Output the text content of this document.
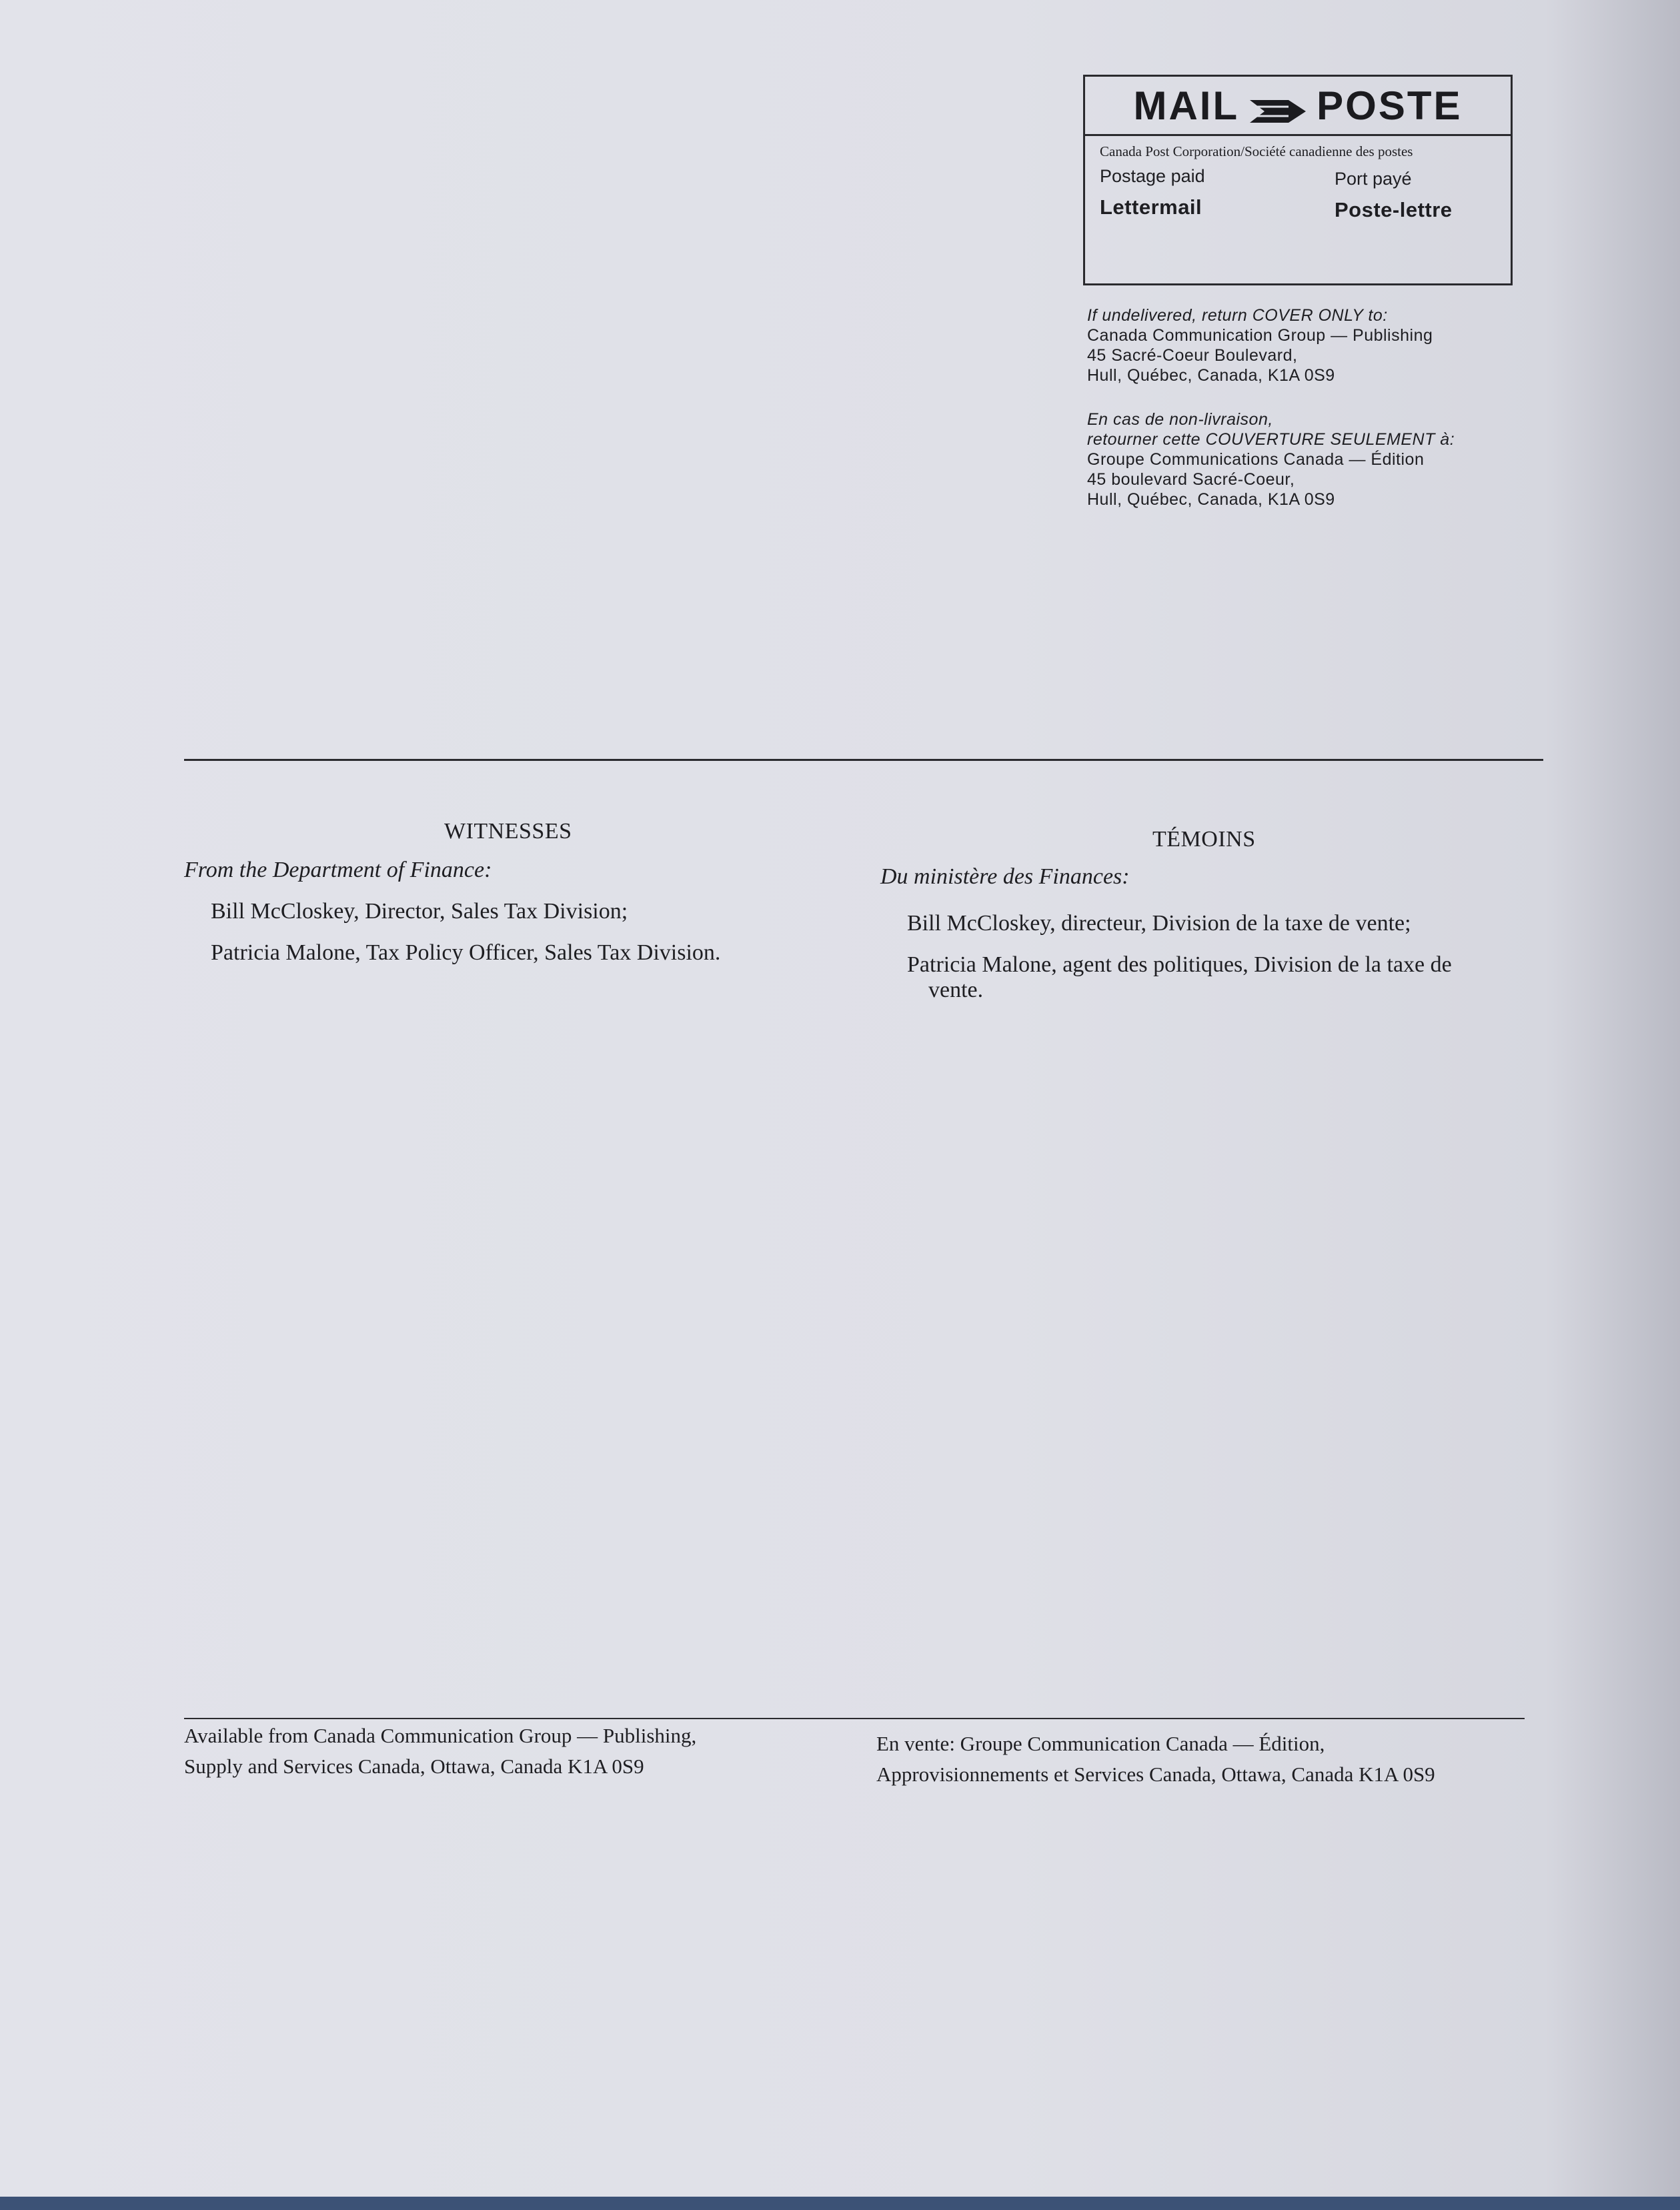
MAIL POSTE
Canada Post Corporation/Société canadienne des postes
Postage paid	Port payé
Lettermail	Poste-lettre
If undelivered, return COVER ONLY to:
Canada Communication Group — Publishing
45 Sacré-Coeur Boulevard,
Hull, Québec, Canada, K1A 0S9
En cas de non-livraison,
retourner cette COUVERTURE SEULEMENT à:
Groupe Communications Canada — Édition
45 boulevard Sacré-Coeur,
Hull, Québec, Canada, K1A 0S9
WITNESSES
From the Department of Finance:
Bill McCloskey, Director, Sales Tax Division;
Patricia Malone, Tax Policy Officer, Sales Tax Division.
TÉMOINS
Du ministère des Finances:
Bill McCloskey, directeur, Division de la taxe de vente;
Patricia Malone, agent des politiques, Division de la taxe de
vente.
Available from Canada Communication Group — Publishing,
Supply and Services Canada, Ottawa, Canada K1A 0S9
En vente: Groupe Communication Canada — Édition,
Approvisionnements et Services Canada, Ottawa, Canada K1A 0S9
